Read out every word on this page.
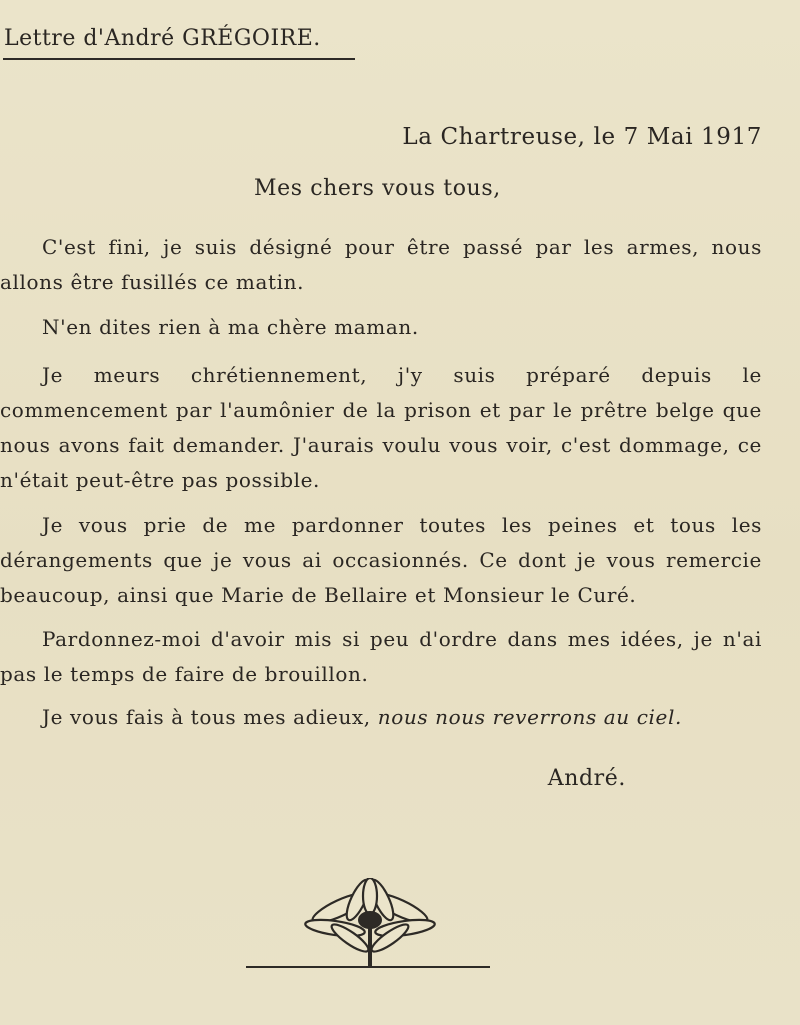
Lettre d'André GRÉGOIRE.
La Chartreuse, le 7 Mai 1917
Mes chers vous tous,
C'est fini, je suis désigné pour être passé par les armes, nous allons être fusillés ce matin.
N'en dites rien à ma chère maman.
Je meurs chrétiennement, j'y suis préparé depuis le commencement par l'aumônier de la prison et par le prêtre belge que nous avons fait demander. J'aurais voulu vous voir, c'est dommage, ce n'était peut-être pas possible.
Je vous prie de me pardonner toutes les peines et tous les dérangements que je vous ai occasionnés. Ce dont je vous remercie beaucoup, ainsi que Marie de Bellaire et Monsieur le Curé.
Pardonnez-moi d'avoir mis si peu d'ordre dans mes idées, je n'ai pas le temps de faire de brouillon.
Je vous fais à tous mes adieux, nous nous reverrons au ciel.
André.
